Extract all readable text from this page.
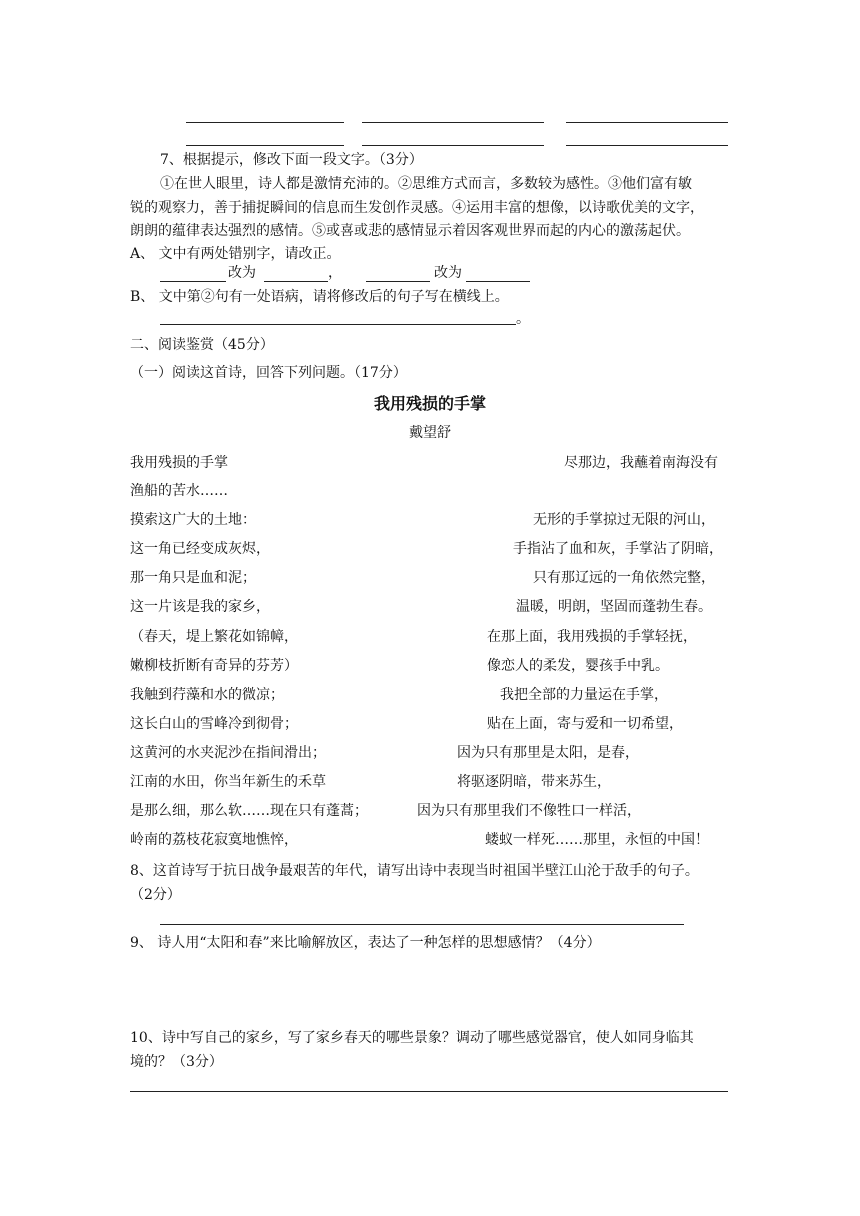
7、根据提示，修改下面一段文字。（3分）
①在世人眼里，诗人都是激情充沛的。②思维方式而言，多数较为感性。③他们富有敏
锐的观察力，善于捕捉瞬间的信息而生发创作灵感。④运用丰富的想像，以诗歌优美的文字，
朗朗的蕴律表达强烈的感情。⑤或喜或悲的感情显示着因客观世界而起的内心的激荡起伏。
A、 文中有两处错别字，请改正。
改为	，	改为
B、 文中第②句有一处语病，请将修改后的句子写在横线上。
。
二、阅读鉴赏（45分）
（一）阅读这首诗，回答下列问题。（17分）
我用残损的手掌
戴望舒
我用残损的手掌
渔船的苦水……
摸索这广大的土地：
这一角已经变成灰烬，
那一角只是血和泥；
这一片该是我的家乡，
（春天，堤上繁花如锦幛，
嫩柳枝折断有奇异的芬芳）
我触到荇藻和水的微凉；
这长白山的雪峰冷到彻骨；
这黄河的水夹泥沙在指间滑出；
江南的水田，你当年新生的禾草
是那么细，那么软……现在只有蓬蒿；
岭南的荔枝花寂寞地憔悴，
尽那边，我蘸着南海没有
无形的手掌掠过无限的河山，
手指沾了血和灰，手掌沾了阴暗，
只有那辽远的一角依然完整，
温暖，明朗，坚固而蓬勃生春。
在那上面，我用残损的手掌轻抚，
像恋人的柔发，婴孩手中乳。
我把全部的力量运在手掌，
贴在上面，寄与爱和一切希望，
因为只有那里是太阳，是春，
将驱逐阴暗，带来苏生，
因为只有那里我们不像牲口一样活，
蝼蚁一样死……那里，永恒的中国！
8、这首诗写于抗日战争最艰苦的年代，请写出诗中表现当时祖国半壁江山沦于敌手的句子。
（2分）
9、 诗人用“太阳和春”来比喻解放区，表达了一种怎样的思想感情？（4分）
10、诗中写自己的家乡，写了家乡春天的哪些景象？调动了哪些感觉器官，使人如同身临其
境的？（3分）
